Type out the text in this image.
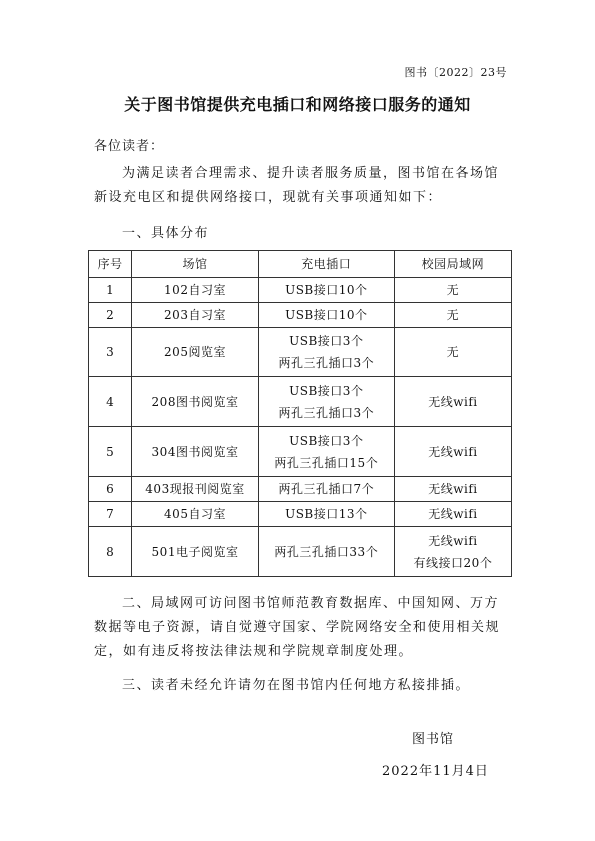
图书〔2022〕23号
关于图书馆提供充电插口和网络接口服务的通知
各位读者：

为满足读者合理需求、提升读者服务质量，图书馆在各场馆新设充电区和提供网络接口，现就有关事项通知如下：

一、具体分布
序号	场馆	充电插口	校园局域网
1	102自习室	USB接口10个	无

2	203自习室	USB接口10个	无

3	205阅览室	USB接口3个
两孔三孔插口3个	无

4	208图书阅览室	USB接口3个
两孔三孔插口3个	无线wifi

5	304图书阅览室	USB接口3个
两孔三孔插口15个	无线wifi

6	403现报刊阅览室	两孔三孔插口7个	无线wifi

7	405自习室	USB接口13个	无线wifi

8	501电子阅览室	两孔三孔插口33个	无线wifi
有线接口20个

二、局域网可访问图书馆师范教育数据库、中国知网、万方数据等电子资源，请自觉遵守国家、学院网络安全和使用相关规定，如有违反将按法律法规和学院规章制度处理。

三、读者未经允许请勿在图书馆内任何地方私接排插。

图书馆
2022年11月4日
